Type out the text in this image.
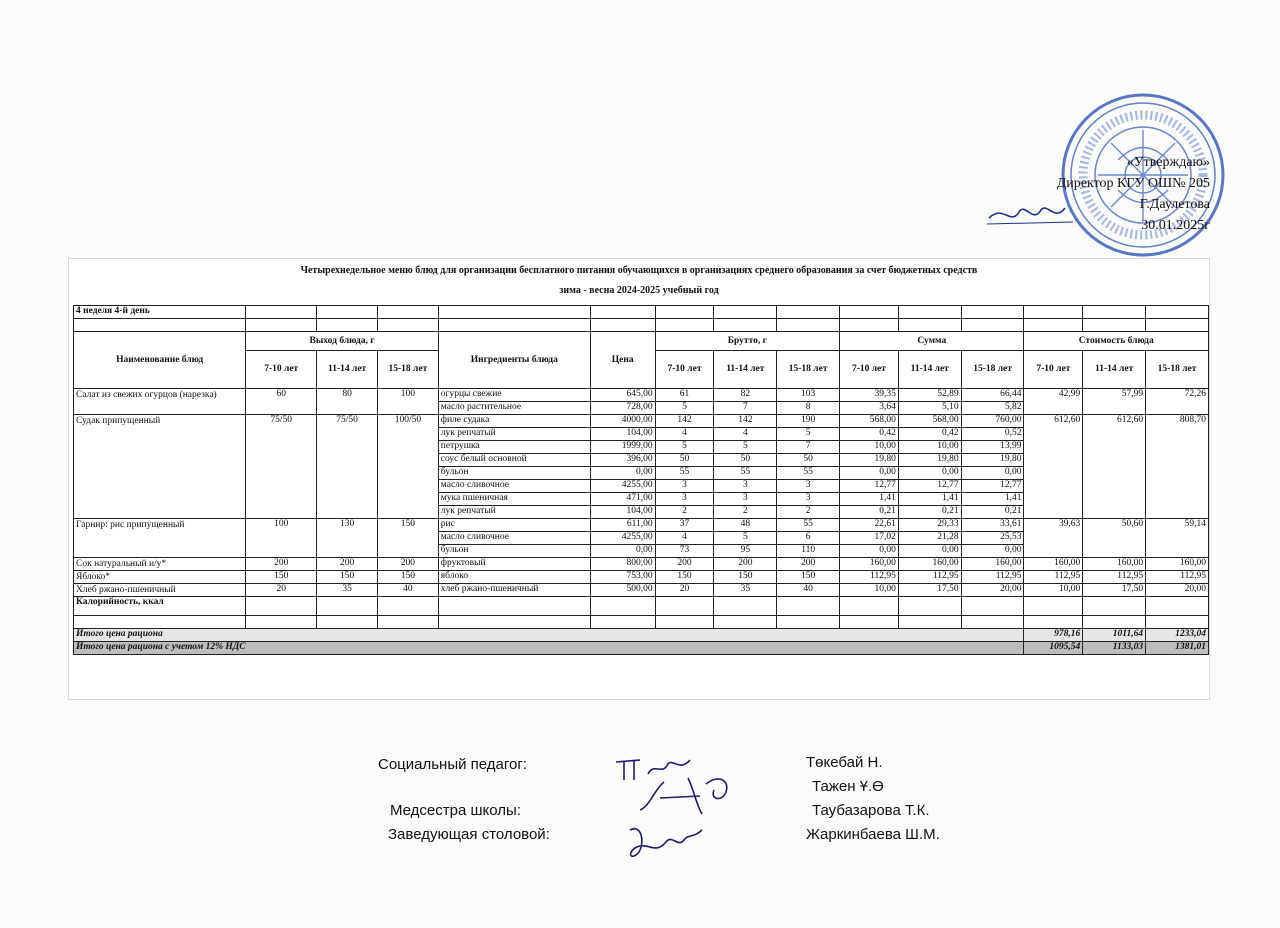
«Утверждаю»
Директор КГУ ОШ№ 205
Г.Даулетова
30.01.2025г
Четырехнедельное меню блюд для организации бесплатного питания обучающихся в организациях среднего образования за счет бюджетных средств
зима - весна 2024-2025 учебный год
4 неделя 4-й день														

Наименование блюд	Выход блюда, г			Ингредиенты блюда	Цена	Брутто, г			Сумма			Стоимость блюда		
	7-10 лет	11-14 лет	15-18 лет			7-10 лет	11-14 лет	15-18 лет	7-10 лет	11-14 лет	15-18 лет	7-10 лет	11-14 лет	15-18 лет
Салат из свежих огурцов (нарезка)	60	80	100	огурцы свежие	645,00	61	82	103	39,35	52,89	66,44	42,99	57,99	72,26
				масло растительное	728,00	5	7	8	3,64	5,10	5,82			
Судак припущенный	75/50	75/50	100/50	филе судака	4000,00	142	142	190	568,00	568,00	760,00	612,60	612,60	808,70
				лук репчатый	104,00	4	4	5	0,42	0,42	0,52			
				петрушка	1999,00	5	5	7	10,00	10,00	13,99			
				соус белый основной	396,00	50	50	50	19,80	19,80	19,80			
				бульон	0,00	55	55	55	0,00	0,00	0,00			
				масло сливочное	4255,00	3	3	3	12,77	12,77	12,77			
				мука пшеничная	471,00	3	3	3	1,41	1,41	1,41			
				лук репчатый	104,00	2	2	2	0,21	0,21	0,21			
Гарнир: рис припущенный	100	130	150	рис	611,00	37	48	55	22,61	29,33	33,61	39,63	50,60	59,14
				масло сливочное	4255,00	4	5	6	17,02	21,28	25,53			
				бульон	0,00	73	95	110	0,00	0,00	0,00			
Сок натуральный и/у*	200	200	200	фруктовый	800,00	200	200	200	160,00	160,00	160,00	160,00	160,00	160,00
Яблоко*	150	150	150	яблоко	753,00	150	150	150	112,95	112,95	112,95	112,95	112,95	112,95
Хлеб ржано-пшеничный	20	35	40	хлеб ржано-пшеничный	500,00	20	35	40	10,00	17,50	20,00	10,00	17,50	20,00
Калорийность, ккал														

Итого цена рациона												978,16	1011,64	1233,04
Итого цена рациона с учетом 12% НДС												1095,54	1133,03	1381,01
Социальный педагог:	Төкебай Н.
Тажен Ұ.Ө
Медсестра школы:	Таубазарова Т.К.
Заведующая столовой:	Жаркинбаева Ш.М.
